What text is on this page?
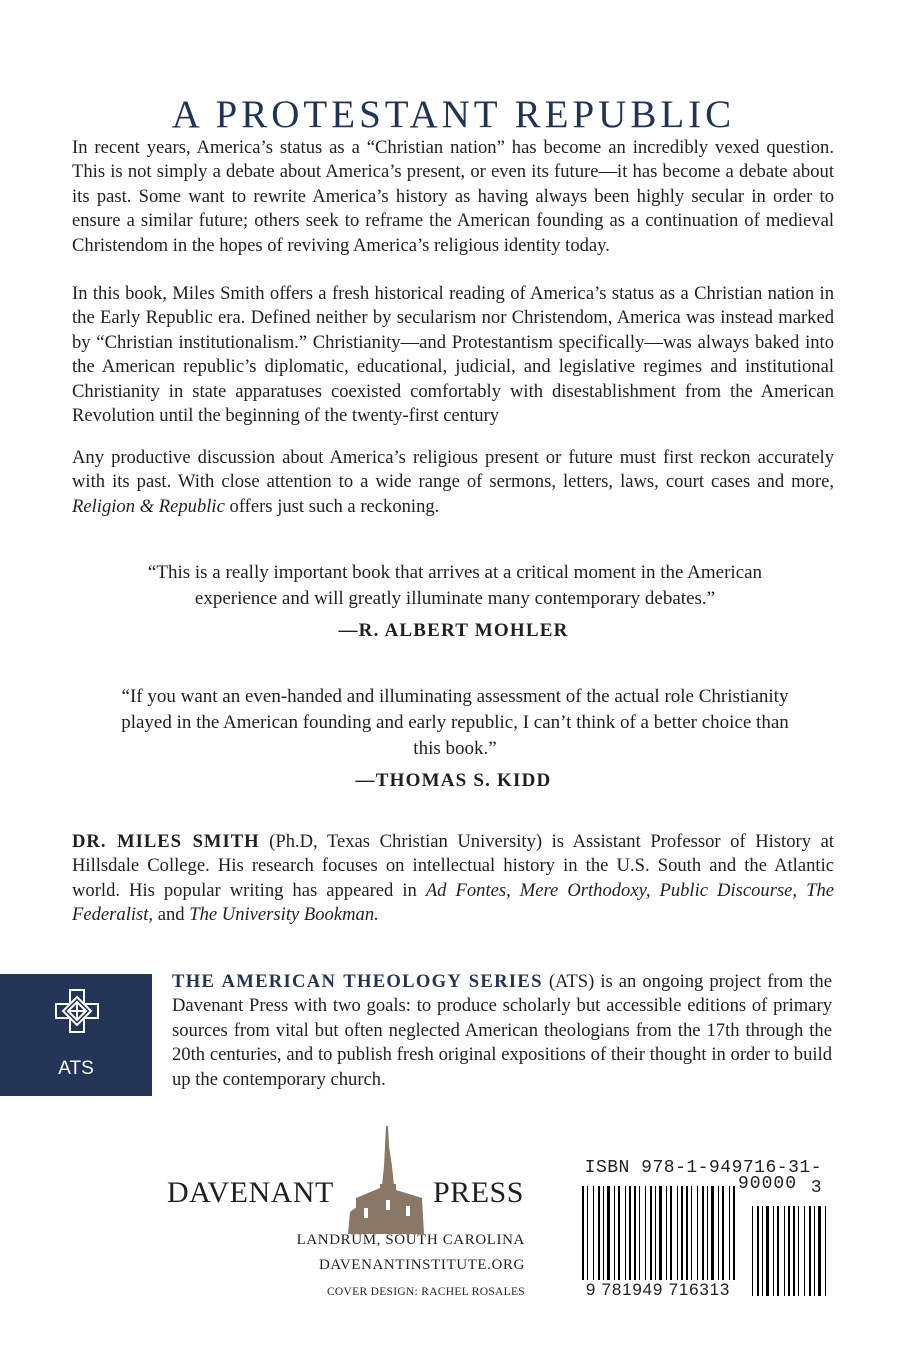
A PROTESTANT REPUBLIC

In recent years, America’s status as a “Christian nation” has become an incredibly vexed question. This is not simply a debate about America’s present, or even its future—it has become a debate about its past. Some want to rewrite America’s history as having always been highly secular in order to ensure a similar future; others seek to reframe the American founding as a continuation of medieval Christendom in the hopes of reviving America’s religious identity today.

In this book, Miles Smith offers a fresh historical reading of America’s status as a Christian nation in the Early Republic era. Defined neither by secularism nor Christendom, America was instead marked by “Christian institutionalism.” Christianity—and Protestantism specifically—was always baked into the American republic’s diplomatic, educational, judicial, and legislative regimes and institutional Christianity in state apparatuses coexisted comfortably with disestablishment from the American Revolution until the beginning of the twenty-first century

Any productive discussion about America’s religious present or future must first reckon accurately with its past. With close attention to a wide range of sermons, letters, laws, court cases and more, Religion & Republic offers just such a reckoning.

“This is a really important book that arrives at a critical moment in the American experience and will greatly illuminate many contemporary debates.”

—R. ALBERT MOHLER

“If you want an even-handed and illuminating assessment of the actual role Christianity played in the American founding and early republic, I can’t think of a better choice than this book.”

—THOMAS S. KIDD

DR. MILES SMITH (Ph.D, Texas Christian University) is Assistant Professor of History at Hillsdale College. His research focuses on intellectual history in the U.S. South and the Atlantic world. His popular writing has appeared in Ad Fontes, Mere Orthodoxy, Public Discourse, The Federalist, and The University Bookman.

ATS

THE AMERICAN THEOLOGY SERIES (ATS) is an ongoing project from the Davenant Press with two goals: to produce scholarly but accessible editions of primary sources from vital but often neglected American theologians from the 17th through the 20th centuries, and to publish fresh original expositions of their thought in order to build up the contemporary church.

DAVENANT	PRESS
LANDRUM, SOUTH CAROLINA
DAVENANTINSTITUTE.ORG
COVER DESIGN: RACHEL ROSALES
ISBN 978-1-949716-31-3
90000
9 781949 716313
